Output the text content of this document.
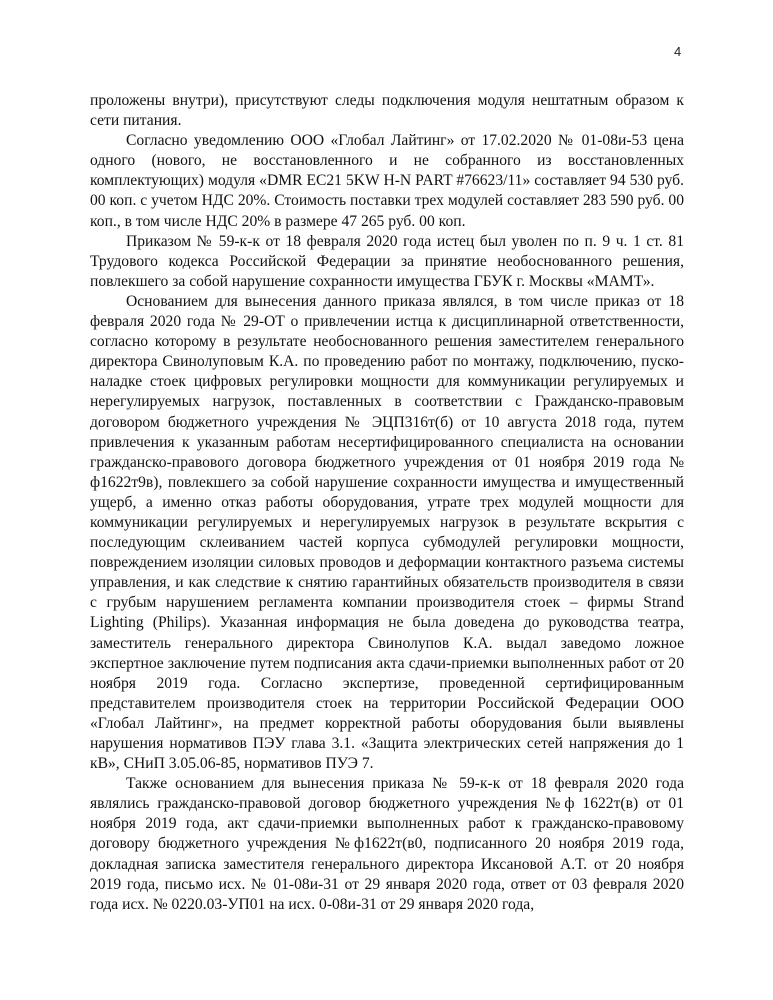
4

проложены внутри), присутствуют следы подключения модуля нештатным образом к сети питания.

Согласно уведомлению ООО «Глобал Лайтинг» от 17.02.2020 № 01-08и-53 цена одного (нового, не восстановленного и не собранного из восстановленных комплектующих) модуля «DMR EC21 5KW H-N PART #76623/11» составляет 94 530 руб. 00 коп. с учетом НДС 20%. Стоимость поставки трех модулей составляет 283 590 руб. 00 коп., в том числе НДС 20% в размере 47 265 руб. 00 коп.

Приказом № 59-к-к от 18 февраля 2020 года истец был уволен по п. 9 ч. 1 ст. 81 Трудового кодекса Российской Федерации за принятие необоснованного решения, повлекшего за собой нарушение сохранности имущества ГБУК г. Москвы «МАМТ».

Основанием для вынесения данного приказа являлся, в том числе приказ от 18 февраля 2020 года № 29-ОТ о привлечении истца к дисциплинарной ответственности, согласно которому в результате необоснованного решения заместителем генерального директора Свинолуповым К.А. по проведению работ по монтажу, подключению, пуско-наладке стоек цифровых регулировки мощности для коммуникации регулируемых и нерегулируемых нагрузок, поставленных в соответствии с Гражданско-правовым договором бюджетного учреждения № ЭЦП316т(б) от 10 августа 2018 года, путем привлечения к указанным работам несертифицированного специалиста на основании гражданско-правового договора бюджетного учреждения от 01 ноября 2019 года № ф1622т9в), повлекшего за собой нарушение сохранности имущества и имущественный ущерб, а именно отказ работы оборудования, утрате трех модулей мощности для коммуникации регулируемых и нерегулируемых нагрузок в результате вскрытия с последующим склеиванием частей корпуса субмодулей регулировки мощности, повреждением изоляции силовых проводов и деформации контактного разъема системы управления, и как следствие к снятию гарантийных обязательств производителя в связи с грубым нарушением регламента компании производителя стоек – фирмы Strand Lighting (Philips). Указанная информация не была доведена до руководства театра, заместитель генерального директора Свинолупов К.А. выдал заведомо ложное экспертное заключение путем подписания акта сдачи-приемки выполненных работ от 20 ноября 2019 года. Согласно экспертизе, проведенной сертифицированным представителем производителя стоек на территории Российской Федерации ООО «Глобал Лайтинг», на предмет корректной работы оборудования были выявлены нарушения нормативов ПЭУ глава 3.1. «Защита электрических сетей напряжения до 1 кВ», СНиП 3.05.06-85, нормативов ПУЭ 7.

Также основанием для вынесения приказа № 59-к-к от 18 февраля 2020 года являлись гражданско-правовой договор бюджетного учреждения №ф 1622т(в) от 01 ноября 2019 года, акт сдачи-приемки выполненных работ к гражданско-правовому договору бюджетного учреждения №ф1622т(в0, подписанного 20 ноября 2019 года, докладная записка заместителя генерального директора Иксановой А.Т. от 20 ноября 2019 года, письмо исх. № 01-08и-31 от 29 января 2020 года, ответ от 03 февраля 2020 года исх. № 0220.03-УП01 на исх. 0-08и-31 от 29 января 2020 года,
